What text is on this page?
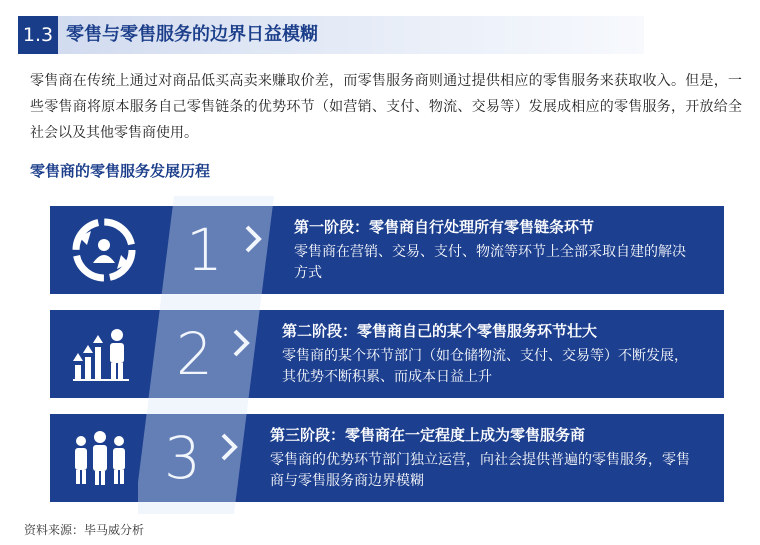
1.3 零售与零售服务的边界日益模糊
零售商在传统上通过对商品低买高卖来赚取价差，而零售服务商则通过提供相应的零售服务来获取收入。但是，一些零售商将原本服务自己零售链条的优势环节（如营销、支付、物流、交易等）发展成相应的零售服务，开放给全社会以及其他零售商使用。
零售商的零售服务发展历程
1	第一阶段：零售商自行处理所有零售链条环节
零售商在营销、交易、支付、物流等环节上全部采取自建的解决方式
2	第二阶段：零售商自己的某个零售服务环节壮大
零售商的某个环节部门（如仓储物流、支付、交易等）不断发展，其优势不断积累、而成本日益上升
3	第三阶段：零售商在一定程度上成为零售服务商
零售商的优势环节部门独立运营，向社会提供普遍的零售服务，零售商与零售服务商边界模糊
资料来源：毕马威分析
